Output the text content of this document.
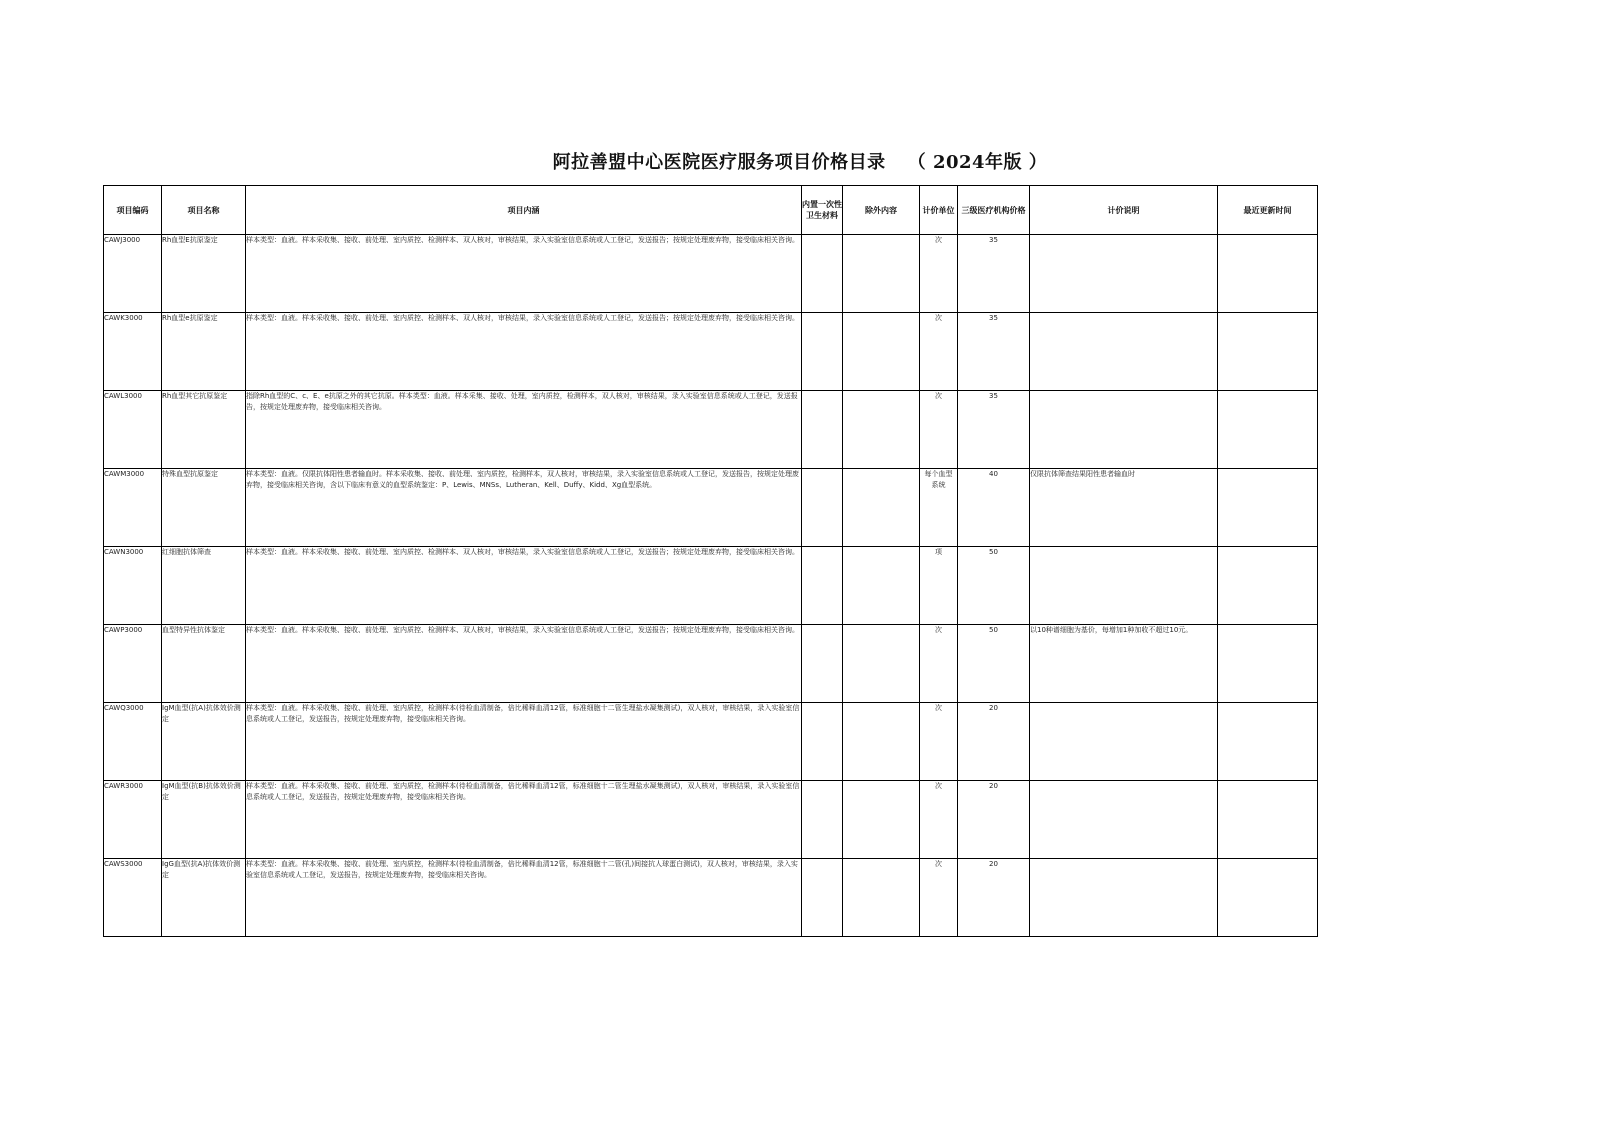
阿拉善盟中心医院医疗服务项目价格目录 （ 2024年版 ）
项目编码	项目名称	项目内涵	内置一次性卫生材料	除外内容	计价单位	三级医疗机构价格	计价说明	最近更新时间
CAWJ3000	Rh血型E抗原鉴定	样本类型：血液。样本采收集、接收、前处理、室内质控、检测样本、双人核对，审核结果，录入实验室信息系统或人工登记，发送报告；按规定处理废弃物，接受临床相关咨询。			次	35		
CAWK3000	Rh血型e抗原鉴定	样本类型：血液。样本采收集、接收、前处理、室内质控、检测样本、双人核对，审核结果，录入实验室信息系统或人工登记，发送报告；按规定处理废弃物，接受临床相关咨询。			次	35		
CAWL3000	Rh血型其它抗原鉴定	指除Rh血型的C、c、E、e抗原之外的其它抗原。样本类型：血液。样本采集、接收、处理，室内质控，检测样本，双人核对，审核结果，录入实验室信息系统或人工登记，发送报告，按规定处理废弃物，接受临床相关咨询。			次	35		
CAWM3000	特殊血型抗原鉴定	样本类型：血液。仅限抗体阳性患者输血时。样本采收集、接收、前处理、室内质控，检测样本，双人核对，审核结果，录入实验室信息系统或人工登记，发送报告，按规定处理废弃物，接受临床相关咨询，含以下临床有意义的血型系统鉴定：P、Lewis、MNSs、Lutheran、Kell、Duffy、Kidd、Xg血型系统。			每个血型系统	40	仅限抗体筛查结果阳性患者输血时	
CAWN3000	红细胞抗体筛查	样本类型：血液。样本采收集、接收、前处理、室内质控、检测样本、双人核对，审核结果，录入实验室信息系统或人工登记，发送报告；按规定处理废弃物，接受临床相关咨询。			项	50		
CAWP3000	血型特异性抗体鉴定	样本类型：血液。样本采收集、接收、前处理、室内质控、检测样本、双人核对，审核结果，录入实验室信息系统或人工登记，发送报告；按规定处理废弃物，接受临床相关咨询。			次	50	以10种谱细胞为基价，每增加1种加收不超过10元。	
CAWQ3000	IgM血型(抗A)抗体效价测定	样本类型：血液。样本采收集、接收、前处理、室内质控，检测样本(待检血清制备，倍比稀释血清12管，标准细胞十二管生理盐水凝集测试)，双人核对，审核结果，录入实验室信息系统或人工登记，发送报告，按规定处理废弃物，接受临床相关咨询。			次	20		
CAWR3000	IgM血型(抗B)抗体效价测定	样本类型：血液。样本采收集、接收、前处理、室内质控，检测样本(待检血清制备，倍比稀释血清12管，标准细胞十二管生理盐水凝集测试)，双人核对，审核结果，录入实验室信息系统或人工登记，发送报告，按规定处理废弃物，接受临床相关咨询。			次	20		
CAWS3000	IgG血型(抗A)抗体效价测定	样本类型：血液。样本采收集、接收、前处理、室内质控，检测样本(待检血清制备，倍比稀释血清12管，标准细胞十二管(孔)间接抗人球蛋白测试)，双人核对，审核结果，录入实验室信息系统或人工登记，发送报告，按规定处理废弃物，接受临床相关咨询。			次	20		
